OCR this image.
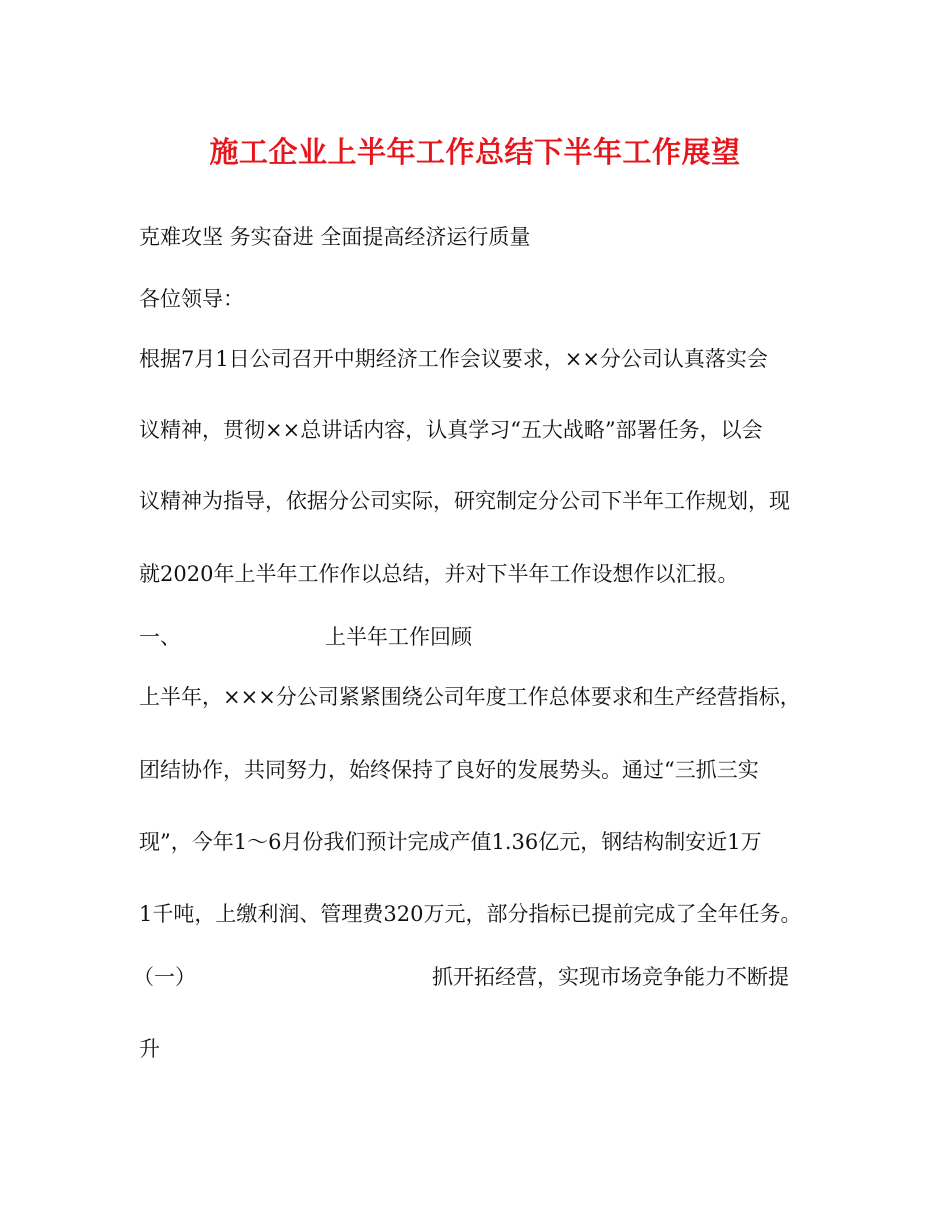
施工企业上半年工作总结下半年工作展望
克难攻坚 务实奋进 全面提高经济运行质量
各位领导：
根据7月1日公司召开中期经济工作会议要求，××分公司认真落实会
议精神，贯彻××总讲话内容，认真学习“五大战略”部署任务，以会
议精神为指导，依据分公司实际，研究制定分公司下半年工作规划，现
就2020年上半年工作作以总结，并对下半年工作设想作以汇报。
一、	上半年工作回顾
上半年，×××分公司紧紧围绕公司年度工作总体要求和生产经营指标，
团结协作，共同努力，始终保持了良好的发展势头。通过“三抓三实
现”，今年1～6月份我们预计完成产值1.36亿元，钢结构制安近1万
1千吨，上缴利润、管理费320万元，部分指标已提前完成了全年任务。
（一）	抓开拓经营，实现市场竞争能力不断提
升
